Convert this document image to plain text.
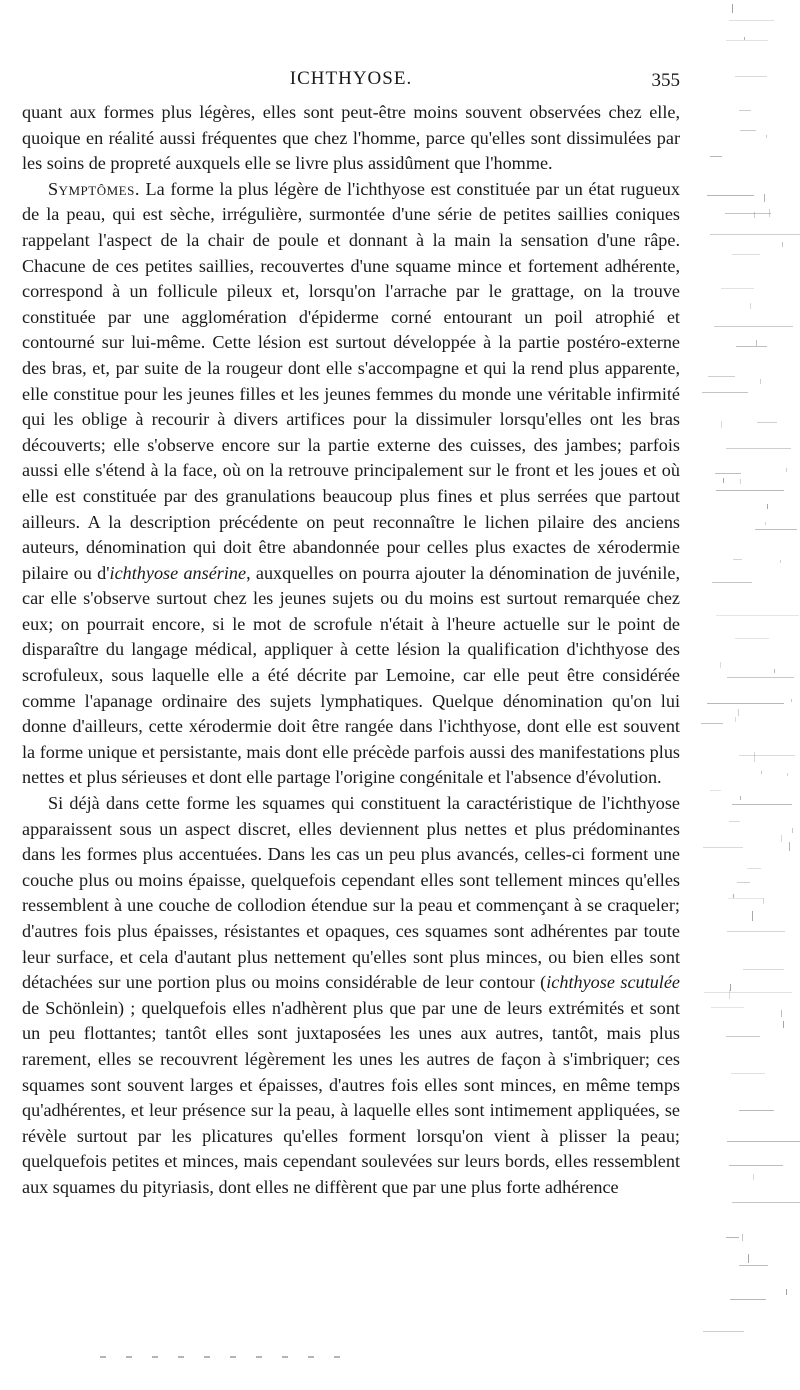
ICHTHYOSE.	355

quant aux formes plus légères, elles sont peut-être moins souvent observées chez elle, quoique en réalité aussi fréquentes que chez l'homme, parce qu'elles sont dissimulées par les soins de propreté auxquels elle se livre plus assidûment que l'homme.

Symptômes. La forme la plus légère de l'ichthyose est constituée par un état rugueux de la peau, qui est sèche, irrégulière, surmontée d'une série de petites saillies coniques rappelant l'aspect de la chair de poule et donnant à la main la sensation d'une râpe. Chacune de ces petites saillies, recouvertes d'une squame mince et fortement adhérente, correspond à un follicule pileux et, lorsqu'on l'arrache par le grattage, on la trouve constituée par une agglomération d'épiderme corné entourant un poil atrophié et contourné sur lui-même. Cette lésion est surtout développée à la partie postéro-externe des bras, et, par suite de la rougeur dont elle s'accompagne et qui la rend plus apparente, elle constitue pour les jeunes filles et les jeunes femmes du monde une véritable infirmité qui les oblige à recourir à divers artifices pour la dissimuler lorsqu'elles ont les bras découverts; elle s'observe encore sur la partie externe des cuisses, des jambes; parfois aussi elle s'étend à la face, où on la retrouve principalement sur le front et les joues et où elle est constituée par des granulations beaucoup plus fines et plus serrées que partout ailleurs. A la description précédente on peut reconnaître le lichen pilaire des anciens auteurs, dénomination qui doit être abandonnée pour celles plus exactes de xérodermie pilaire ou d'ichthyose ansérine, auxquelles on pourra ajouter la dénomination de juvénile, car elle s'observe surtout chez les jeunes sujets ou du moins est surtout remarquée chez eux; on pourrait encore, si le mot de scrofule n'était à l'heure actuelle sur le point de disparaître du langage médical, appliquer à cette lésion la qualification d'ichthyose des scrofuleux, sous laquelle elle a été décrite par Lemoine, car elle peut être considérée comme l'apanage ordinaire des sujets lymphatiques. Quelque dénomination qu'on lui donne d'ailleurs, cette xérodermie doit être rangée dans l'ichthyose, dont elle est souvent la forme unique et persistante, mais dont elle précède parfois aussi des manifestations plus nettes et plus sérieuses et dont elle partage l'origine congénitale et l'absence d'évolution.

Si déjà dans cette forme les squames qui constituent la caractéristique de l'ichthyose apparaissent sous un aspect discret, elles deviennent plus nettes et plus prédominantes dans les formes plus accentuées. Dans les cas un peu plus avancés, celles-ci forment une couche plus ou moins épaisse, quelquefois cependant elles sont tellement minces qu'elles ressemblent à une couche de collodion étendue sur la peau et commençant à se craqueler; d'autres fois plus épaisses, résistantes et opaques, ces squames sont adhérentes par toute leur surface, et cela d'autant plus nettement qu'elles sont plus minces, ou bien elles sont détachées sur une portion plus ou moins considérable de leur contour (ichthyose scutulée de Schönlein) ; quelquefois elles n'adhèrent plus que par une de leurs extrémités et sont un peu flottantes; tantôt elles sont juxtaposées les unes aux autres, tantôt, mais plus rarement, elles se recouvrent légèrement les unes les autres de façon à s'imbriquer; ces squames sont souvent larges et épaisses, d'autres fois elles sont minces, en même temps qu'adhérentes, et leur présence sur la peau, à laquelle elles sont intimement appliquées, se révèle surtout par les plicatures qu'elles forment lorsqu'on vient à plisser la peau; quelquefois petites et minces, mais cependant soulevées sur leurs bords, elles ressemblent aux squames du pityriasis, dont elles ne diffèrent que par une plus forte adhérence
